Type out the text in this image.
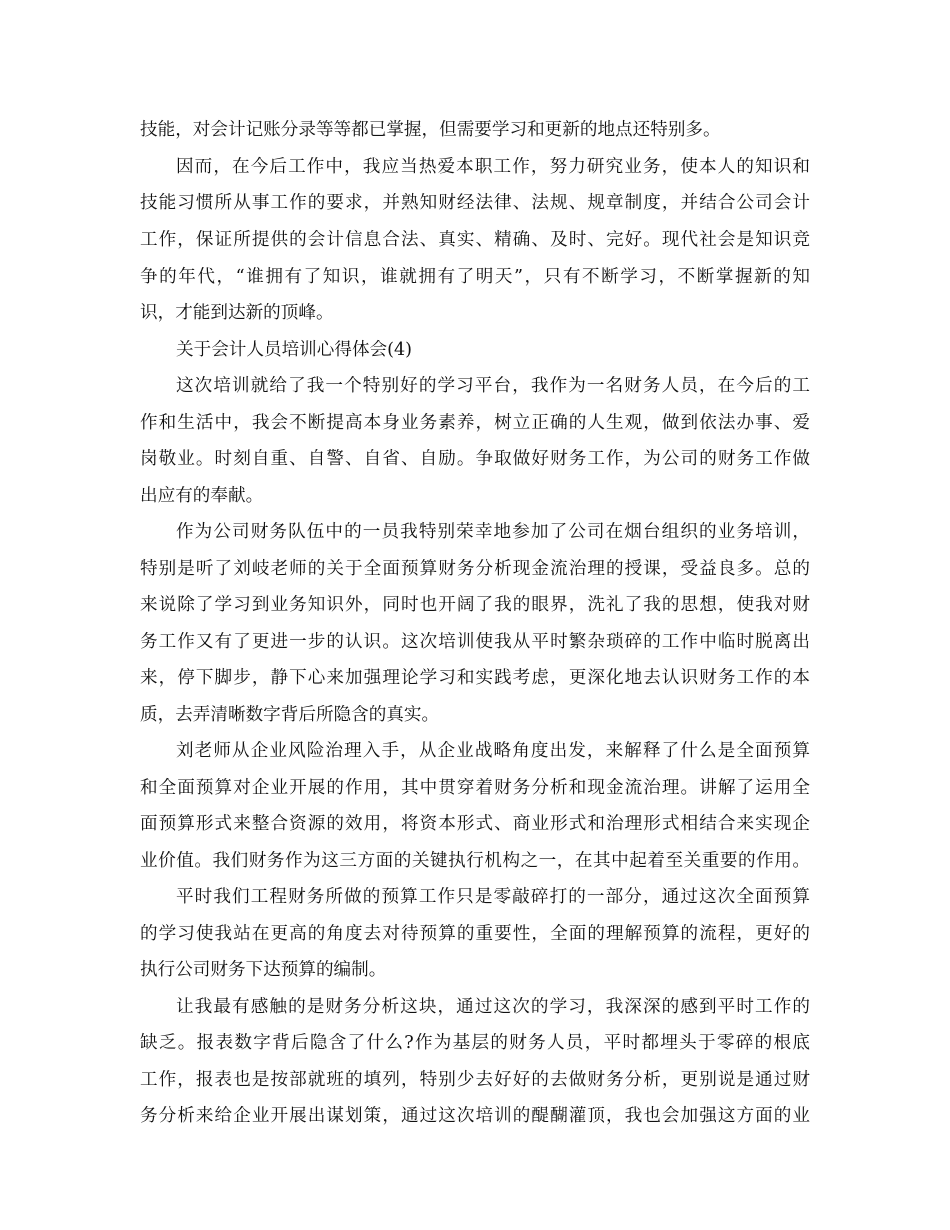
技能，对会计记账分录等等都已掌握，但需要学习和更新的地点还特别多。
因而，在今后工作中，我应当热爱本职工作，努力研究业务，使本人的知识和
技能习惯所从事工作的要求，并熟知财经法律、法规、规章制度，并结合公司会计
工作，保证所提供的会计信息合法、真实、精确、及时、完好。现代社会是知识竞
争的年代，“谁拥有了知识，谁就拥有了明天”，只有不断学习，不断掌握新的知
识，才能到达新的顶峰。
关于会计人员培训心得体会(4)
这次培训就给了我一个特别好的学习平台，我作为一名财务人员，在今后的工
作和生活中，我会不断提高本身业务素养，树立正确的人生观，做到依法办事、爱
岗敬业。时刻自重、自警、自省、自励。争取做好财务工作，为公司的财务工作做
出应有的奉献。
作为公司财务队伍中的一员我特别荣幸地参加了公司在烟台组织的业务培训，
特别是听了刘岐老师的关于全面预算财务分析现金流治理的授课，受益良多。总的
来说除了学习到业务知识外，同时也开阔了我的眼界，洗礼了我的思想，使我对财
务工作又有了更进一步的认识。这次培训使我从平时繁杂琐碎的工作中临时脱离出
来，停下脚步，静下心来加强理论学习和实践考虑，更深化地去认识财务工作的本
质，去弄清晰数字背后所隐含的真实。
刘老师从企业风险治理入手，从企业战略角度出发，来解释了什么是全面预算
和全面预算对企业开展的作用，其中贯穿着财务分析和现金流治理。讲解了运用全
面预算形式来整合资源的效用，将资本形式、商业形式和治理形式相结合来实现企
业价值。我们财务作为这三方面的关键执行机构之一，在其中起着至关重要的作用。
平时我们工程财务所做的预算工作只是零敲碎打的一部分，通过这次全面预算
的学习使我站在更高的角度去对待预算的重要性，全面的理解预算的流程，更好的
执行公司财务下达预算的编制。
让我最有感触的是财务分析这块，通过这次的学习，我深深的感到平时工作的
缺乏。报表数字背后隐含了什么?作为基层的财务人员，平时都埋头于零碎的根底
工作，报表也是按部就班的填列，特别少去好好的去做财务分析，更别说是通过财
务分析来给企业开展出谋划策，通过这次培训的醍醐灌顶，我也会加强这方面的业
